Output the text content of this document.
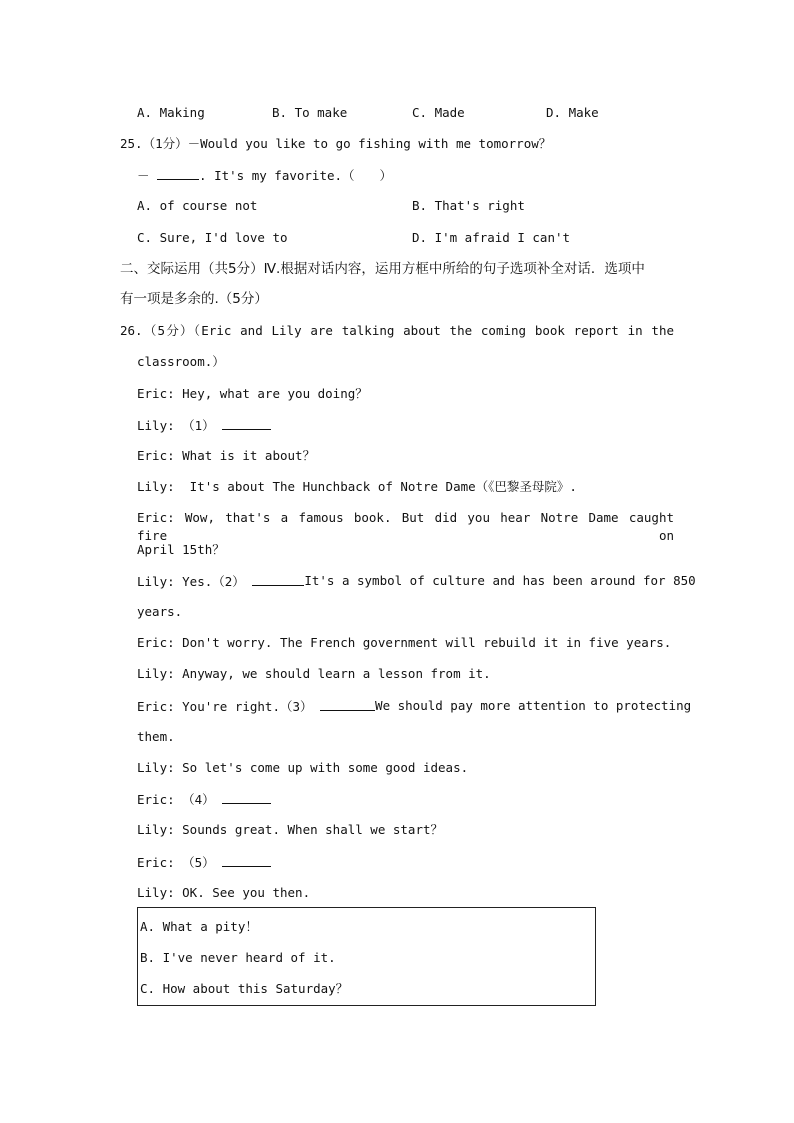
A. Making	B. To make	C. Made	D. Make
25.（1分）－Would you like to go fishing with me tomorrow？
－	. It's my favorite.（　　）
A. of course not	B. That's right
C. Sure, I'd love to	D. I'm afraid I can't
二、交际运用（共5分）Ⅳ.根据对话内容，运用方框中所给的句子选项补全对话．选项中
有一项是多余的.（5分）
26.（5分）（Eric and Lily are talking about the coming book report in the
classroom.）
Eric: Hey, what are you doing？
Lily: （1）
Eric: What is it about？
Lily:  It's about The Hunchback of Notre Dame（《巴黎圣母院》.
Eric: Wow, that's a famous book. But did you hear Notre Dame caught fire on
April 15th？
Lily: Yes.（2）	It's a symbol of culture and has been around for 850
years.
Eric: Don't worry. The French government will rebuild it in five years.
Lily: Anyway, we should learn a lesson from it.
Eric: You're right.（3）	We should pay more attention to protecting
them.
Lily: So let's come up with some good ideas.
Eric: （4）
Lily: Sounds great. When shall we start？
Eric: （5）
Lily: OK. See you then.
A. What a pity！
B. I've never heard of it.
C. How about this Saturday？
